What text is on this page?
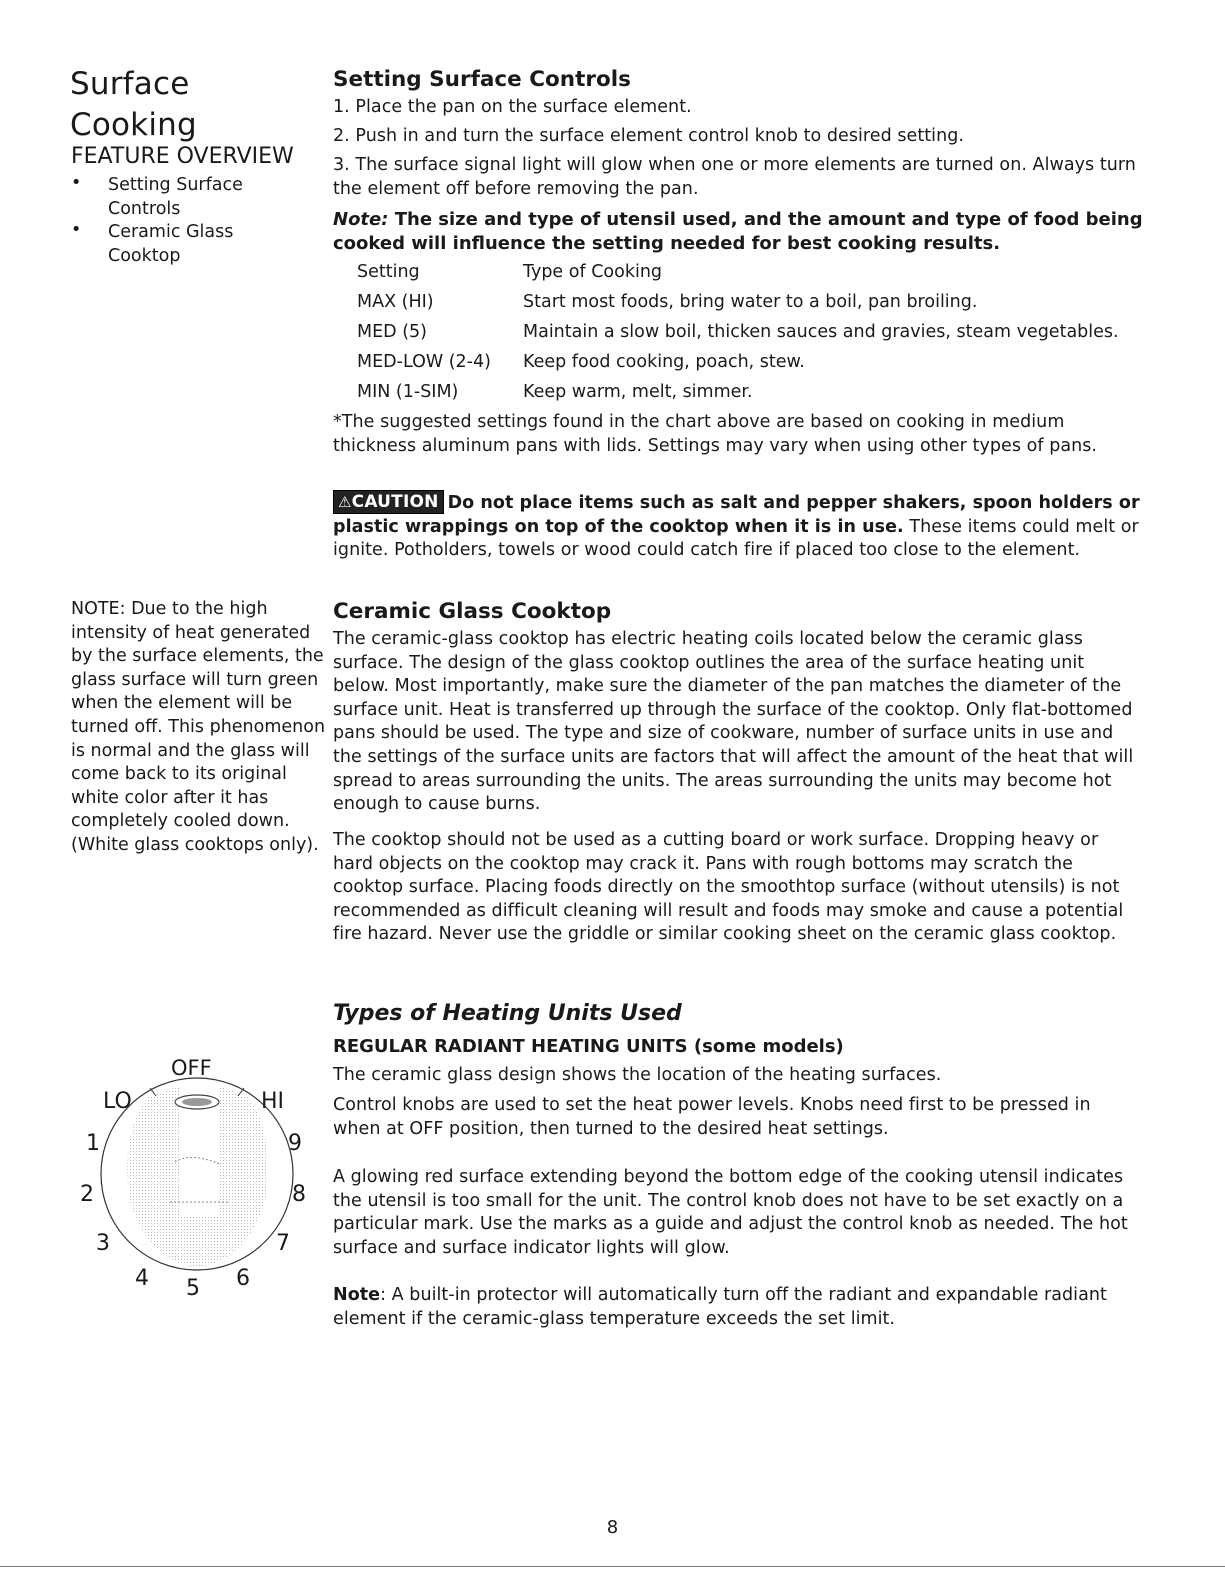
Surface
Cooking
FEATURE OVERVIEW
• Setting Surface Controls
• Ceramic Glass Cooktop
NOTE: Due to the high intensity of heat generated by the surface elements, the glass surface will turn green when the element will be turned off. This phenomenon is normal and the glass will come back to its original white color after it has completely cooled down. (White glass cooktops only).
Setting Surface Controls
1. Place the pan on the surface element.
2. Push in and turn the surface element control knob to desired setting.
3. The surface signal light will glow when one or more elements are turned on. Always turn the element off before removing the pan.
Note: The size and type of utensil used, and the amount and type of food being cooked will influence the setting needed for best cooking results.
Setting	Type of Cooking
MAX (HI)	Start most foods, bring water to a boil, pan broiling.
MED (5)	Maintain a slow boil, thicken sauces and gravies, steam vegetables.
MED-LOW (2-4)	Keep food cooking, poach, stew.
MIN (1-SIM)	Keep warm, melt, simmer.
*The suggested settings found in the chart above are based on cooking in medium thickness aluminum pans with lids. Settings may vary when using other types of pans.
⚠CAUTION Do not place items such as salt and pepper shakers, spoon holders or plastic wrappings on top of the cooktop when it is in use. These items could melt or ignite. Potholders, towels or wood could catch fire if placed too close to the element.
Ceramic Glass Cooktop
The ceramic-glass cooktop has electric heating coils located below the ceramic glass surface. The design of the glass cooktop outlines the area of the surface heating unit below. Most importantly, make sure the diameter of the pan matches the diameter of the surface unit. Heat is transferred up through the surface of the cooktop. Only flat-bottomed pans should be used. The type and size of cookware, number of surface units in use and the settings of the surface units are factors that will affect the amount of the heat that will spread to areas surrounding the units. The areas surrounding the units may become hot enough to cause burns.
The cooktop should not be used as a cutting board or work surface. Dropping heavy or hard objects on the cooktop may crack it. Pans with rough bottoms may scratch the cooktop surface. Placing foods directly on the smoothtop surface (without utensils) is not recommended as difficult cleaning will result and foods may smoke and cause a potential fire hazard. Never use the griddle or similar cooking sheet on the ceramic glass cooktop.
Types of Heating Units Used
REGULAR RADIANT HEATING UNITS (some models)
The ceramic glass design shows the location of the heating surfaces.
Control knobs are used to set the heat power levels. Knobs need first to be pressed in when at OFF position, then turned to the desired heat settings.
A glowing red surface extending beyond the bottom edge of the cooking utensil indicates the utensil is too small for the unit. The control knob does not have to be set exactly on a particular mark. Use the marks as a guide and adjust the control knob as needed. The hot surface and surface indicator lights will glow.
Note: A built-in protector will automatically turn off the radiant and expandable radiant element if the ceramic-glass temperature exceeds the set limit.
OFF
LO	HI
1
2
3
4 5 6
7
8
9
8
